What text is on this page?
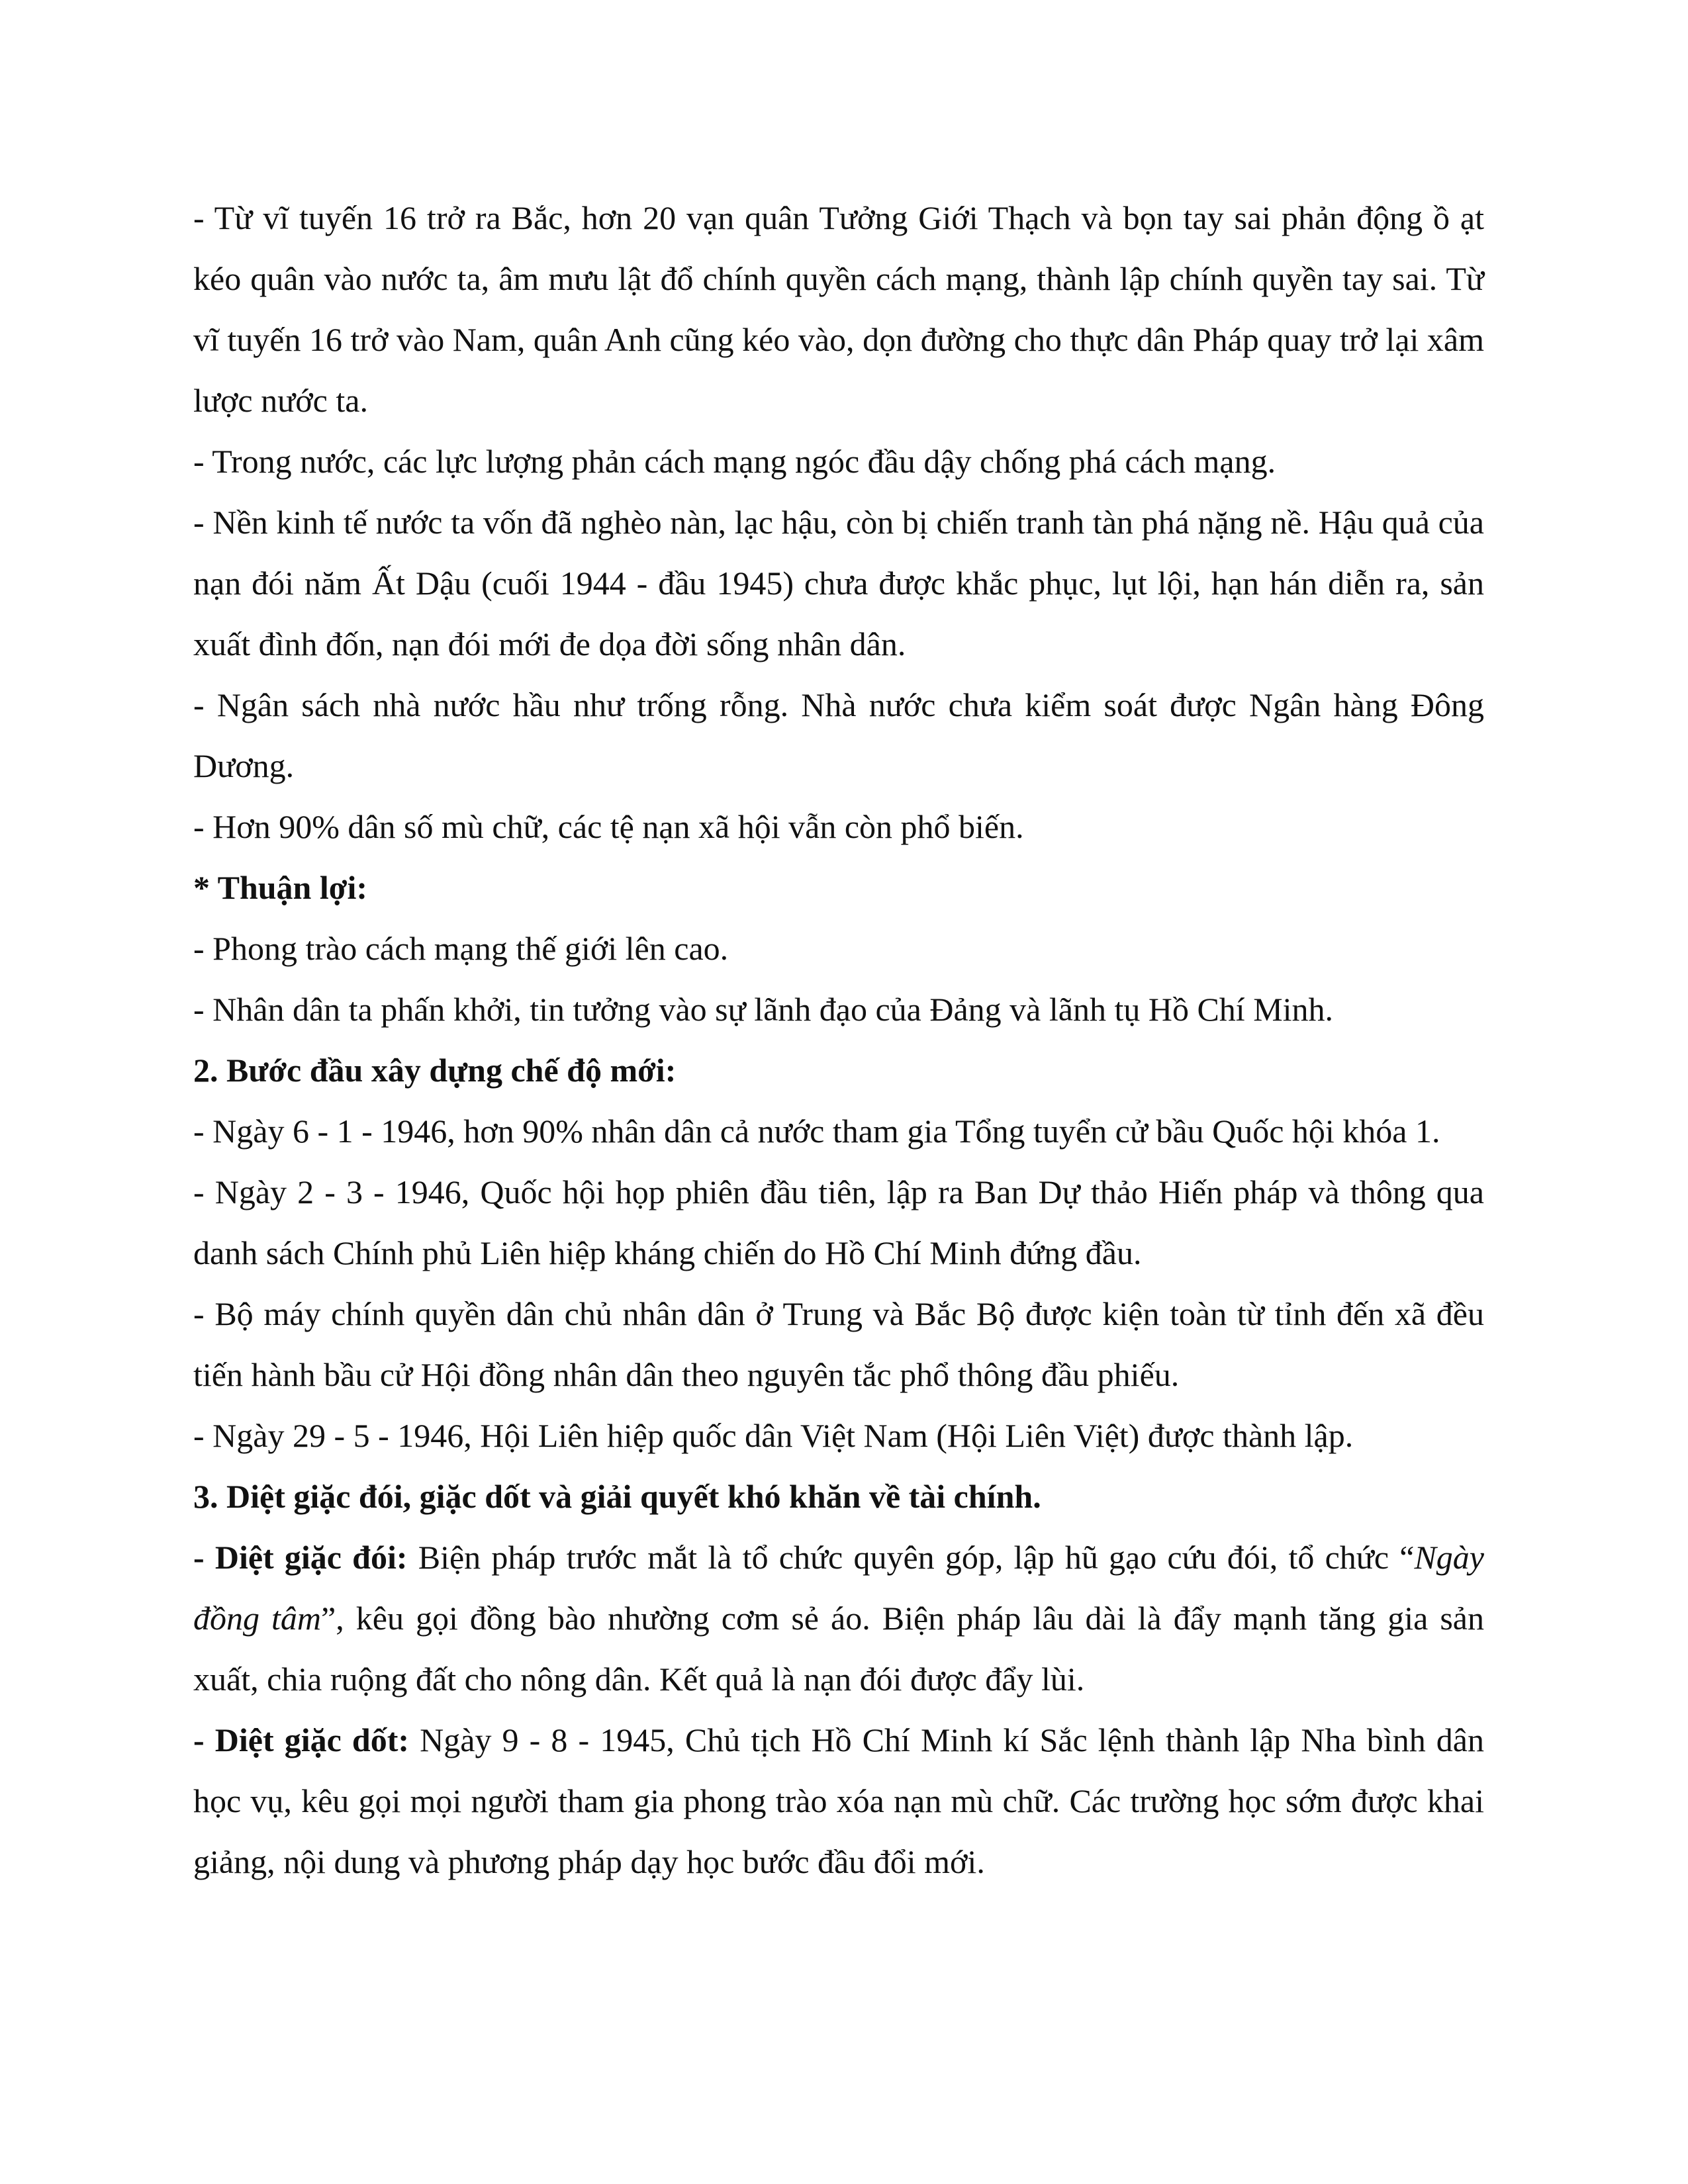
- Từ vĩ tuyến 16 trở ra Bắc, hơn 20 vạn quân Tưởng Giới Thạch và bọn tay sai phản động ồ ạt kéo quân vào nước ta, âm mưu lật đổ chính quyền cách mạng, thành lập chính quyền tay sai. Từ vĩ tuyến 16 trở vào Nam, quân Anh cũng kéo vào, dọn đường cho thực dân Pháp quay trở lại xâm lược nước ta.

- Trong nước, các lực lượng phản cách mạng ngóc đầu dậy chống phá cách mạng.

- Nền kinh tế nước ta vốn đã nghèo nàn, lạc hậu, còn bị chiến tranh tàn phá nặng nề. Hậu quả của nạn đói năm Ất Dậu (cuối 1944 - đầu 1945) chưa được khắc phục, lụt lội, hạn hán diễn ra, sản xuất đình đốn, nạn đói mới đe dọa đời sống nhân dân.

- Ngân sách nhà nước hầu như trống rỗng. Nhà nước chưa kiểm soát được Ngân hàng Đông Dương.

- Hơn 90% dân số mù chữ, các tệ nạn xã hội vẫn còn phổ biến.

* Thuận lợi:

- Phong trào cách mạng thế giới lên cao.

- Nhân dân ta phấn khởi, tin tưởng vào sự lãnh đạo của Đảng và lãnh tụ Hồ Chí Minh.

2. Bước đầu xây dựng chế độ mới:

- Ngày 6 - 1 - 1946, hơn 90% nhân dân cả nước tham gia Tổng tuyển cử bầu Quốc hội khóa 1.

- Ngày 2 - 3 - 1946, Quốc hội họp phiên đầu tiên, lập ra Ban Dự thảo Hiến pháp và thông qua danh sách Chính phủ Liên hiệp kháng chiến do Hồ Chí Minh đứng đầu.

- Bộ máy chính quyền dân chủ nhân dân ở Trung và Bắc Bộ được kiện toàn từ tỉnh đến xã đều tiến hành bầu cử Hội đồng nhân dân theo nguyên tắc phổ thông đầu phiếu.

- Ngày 29 - 5 - 1946, Hội Liên hiệp quốc dân Việt Nam (Hội Liên Việt) được thành lập.

3. Diệt giặc đói, giặc dốt và giải quyết khó khăn về tài chính.

- Diệt giặc đói: Biện pháp trước mắt là tổ chức quyên góp, lập hũ gạo cứu đói, tổ chức “Ngày đồng tâm”, kêu gọi đồng bào nhường cơm sẻ áo. Biện pháp lâu dài là đẩy mạnh tăng gia sản xuất, chia ruộng đất cho nông dân. Kết quả là nạn đói được đẩy lùi.

- Diệt giặc dốt: Ngày 9 - 8 - 1945, Chủ tịch Hồ Chí Minh kí Sắc lệnh thành lập Nha bình dân học vụ, kêu gọi mọi người tham gia phong trào xóa nạn mù chữ. Các trường học sớm được khai giảng, nội dung và phương pháp dạy học bước đầu đổi mới.
